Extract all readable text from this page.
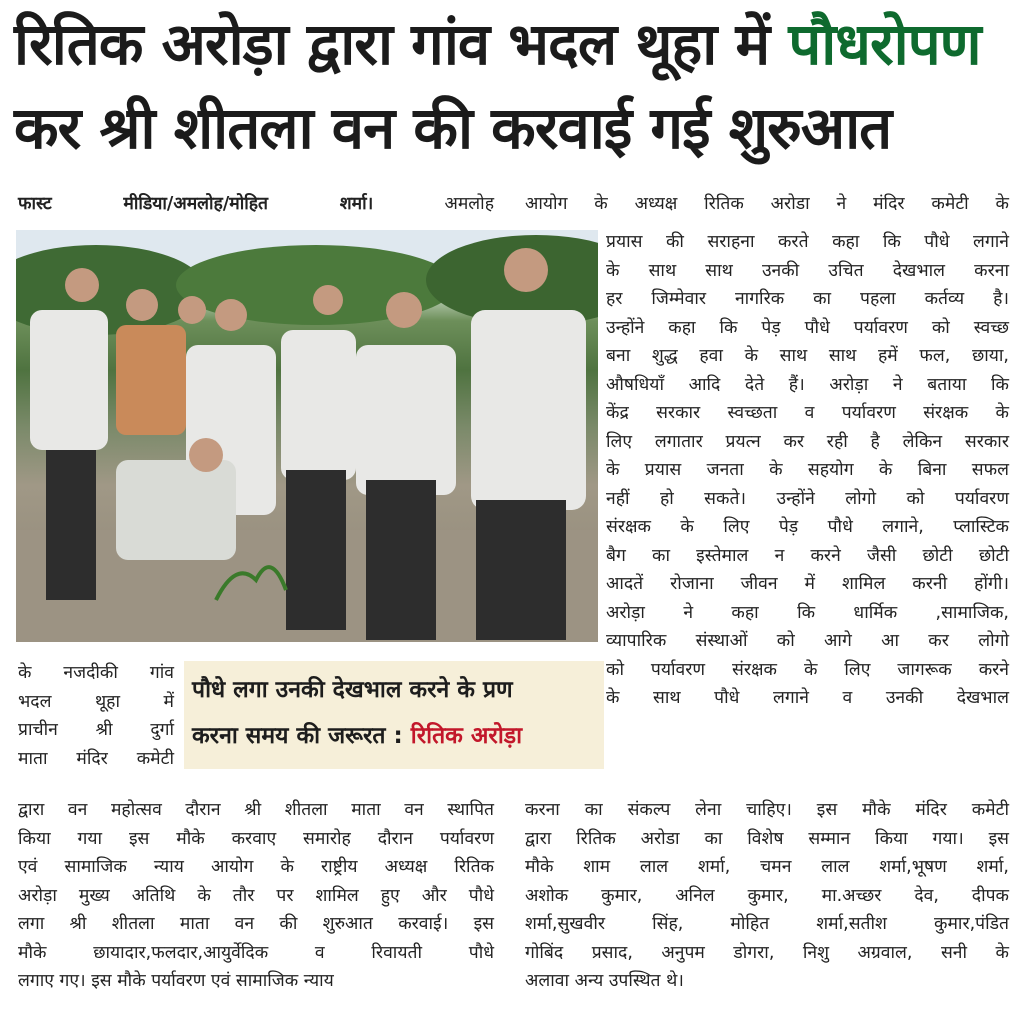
रितिक अरोड़ा द्वारा गांव भदल थूहा में पौधरोपण
कर श्री शीतला वन की करवाई गई शुरुआत
फास्ट मीडिया/अमलोह/मोहित शर्मा।	अमलोह आयोग के अध्यक्ष रितिक अरोडा ने मंदिर कमेटी के
के नजदीकी गांव
भदल थूहा में
प्राचीन श्री दुर्गा
माता मंदिर कमेटी
पौधे लगा उनकी देखभाल करने के प्रण
करना समय की जरूरत : रितिक अरोड़ा
द्वारा वन महोत्सव दौरान श्री शीतला माता वन स्थापित
किया गया इस मौके करवाए समारोह दौरान पर्यावरण
एवं सामाजिक न्याय आयोग के राष्ट्रीय अध्यक्ष रितिक
अरोड़ा मुख्य अतिथि के तौर पर शामिल हुए और पौधे
लगा श्री शीतला माता वन की शुरुआत करवाई। इस
मौके छायादार,फलदार,आयुर्वेदिक व रिवायती पौधे
लगाए गए। इस मौके पर्यावरण एवं सामाजिक न्याय
प्रयास की सराहना करते कहा कि पौधे लगाने
के साथ साथ उनकी उचित देखभाल करना
हर जिम्मेवार नागरिक का पहला कर्तव्य है।
उन्होंने कहा कि पेड़ पौधे पर्यावरण को स्वच्छ
बना शुद्ध हवा के साथ साथ हमें फल, छाया,
औषधियाँ आदि देते हैं। अरोड़ा ने बताया कि
केंद्र सरकार स्वच्छता व पर्यावरण संरक्षक के
लिए लगातार प्रयत्न कर रही है लेकिन सरकार
के प्रयास जनता के सहयोग के बिना सफल
नहीं हो सकते। उन्होंने लोगो को पर्यावरण
संरक्षक के लिए पेड़ पौधे लगाने, प्लास्टिक
बैग का इस्तेमाल न करने जैसी छोटी छोटी
आदतें रोजाना जीवन में शामिल करनी होंगी।
अरोड़ा ने कहा कि धार्मिक ,सामाजिक,
व्यापारिक संस्थाओं को आगे आ कर लोगो
को पर्यावरण संरक्षक के लिए जागरूक करने
के साथ पौधे लगाने व उनकी देखभाल
करना का संकल्प लेना चाहिए। इस मौके मंदिर कमेटी
द्वारा रितिक अरोडा का विशेष सम्मान किया गया। इस
मौके शाम लाल शर्मा, चमन लाल शर्मा,भूषण शर्मा,
अशोक कुमार, अनिल कुमार, मा.अच्छर देव, दीपक
शर्मा,सुखवीर सिंह, मोहित शर्मा,सतीश कुमार,पंडित
गोबिंद प्रसाद, अनुपम डोगरा, निशु अग्रवाल, सनी के
अलावा अन्य उपस्थित थे।
